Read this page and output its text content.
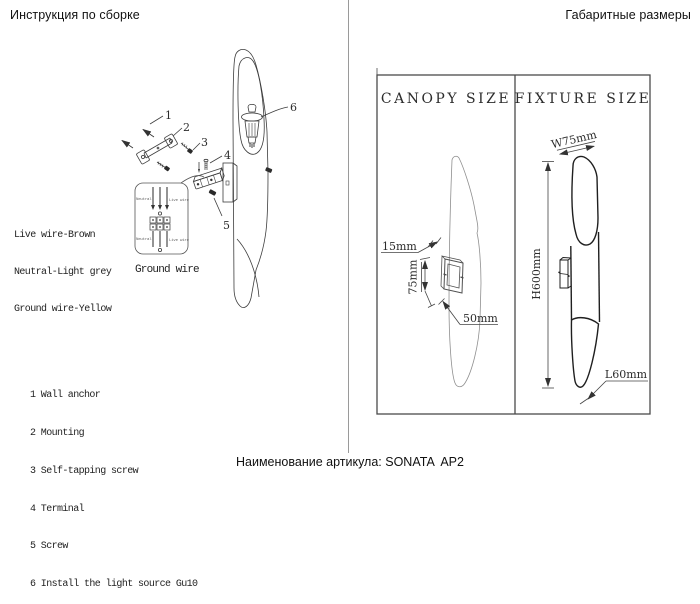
Инструкция по сборке	Габаритные размеры
Neutral	Live wire
Neutral	Live wire
1
2
3
4
5
6
CANOPY SIZE FIXTURE SIZE
15mm
75mm
50mm
W75mm
H600mm
L60mm

Live wire-Brown

Neutral-Light grey

Ground wire-Yellow

Ground wire

1 Wall anchor

2 Mounting

3 Self-tapping screw

4 Terminal

5 Screw

6 Install the light source Gu10

Наименование артикула: SONATA  AP2
